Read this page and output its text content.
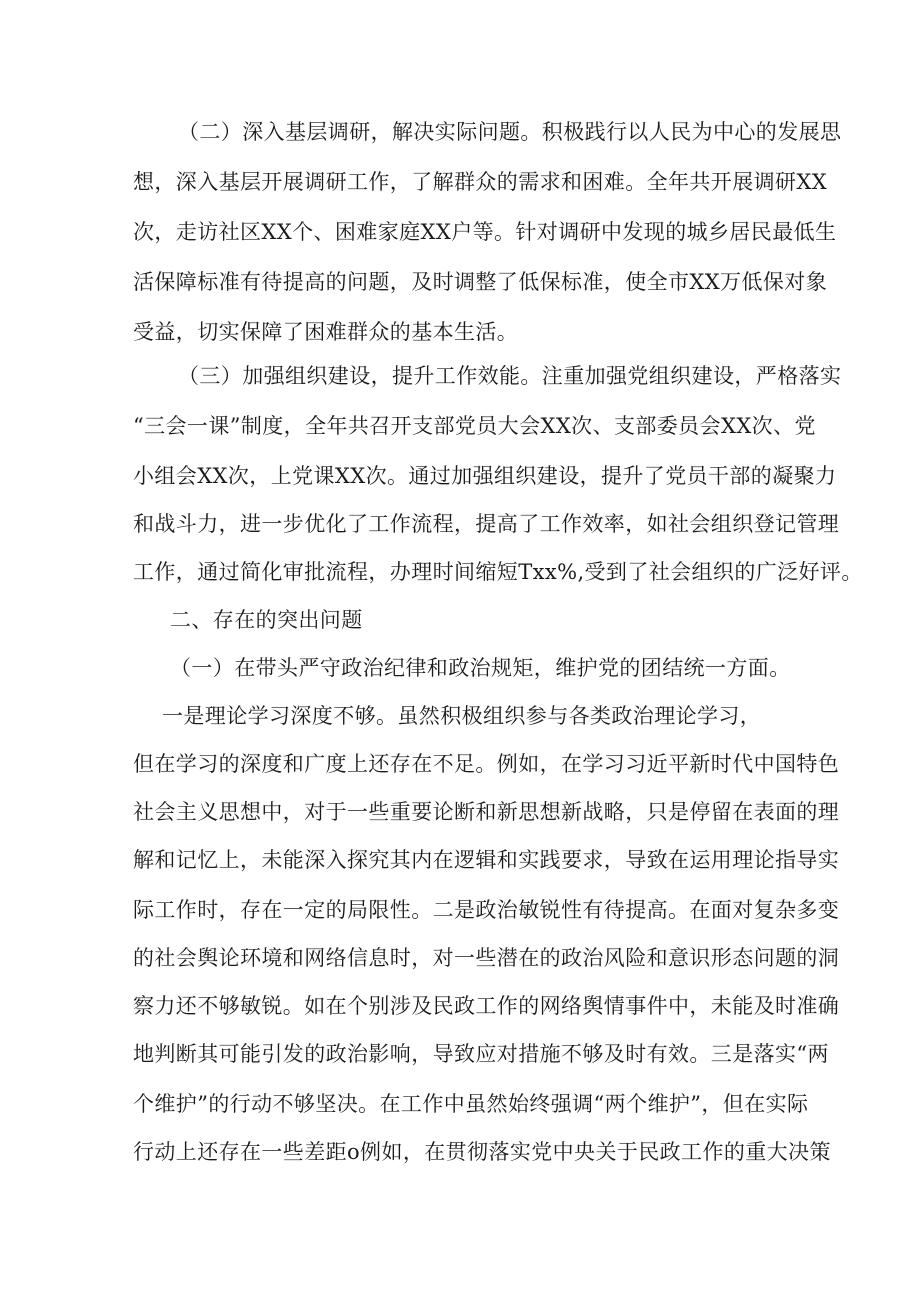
（二）深入基层调研，解决实际问题。积极践行以人民为中心的发展思
想，深入基层开展调研工作，了解群众的需求和困难。全年共开展调研XX
次，走访社区XX个、困难家庭XX户等。针对调研中发现的城乡居民最低生
活保障标准有待提高的问题，及时调整了低保标准，使全市XX万低保对象
受益，切实保障了困难群众的基本生活。
（三）加强组织建设，提升工作效能。注重加强党组织建设，严格落实
“三会一课”制度，全年共召开支部党员大会XX次、支部委员会XX次、党
小组会XX次，上党课XX次。通过加强组织建设，提升了党员干部的凝聚力
和战斗力，进一步优化了工作流程，提高了工作效率，如社会组织登记管理
工作，通过简化审批流程，办理时间缩短Txx%,受到了社会组织的广泛好评。
二、存在的突出问题
（一）在带头严守政治纪律和政治规矩，维护党的团结统一方面。
一是理论学习深度不够。虽然积极组织参与各类政治理论学习，
但在学习的深度和广度上还存在不足。例如，在学习习近平新时代中国特色
社会主义思想中，对于一些重要论断和新思想新战略，只是停留在表面的理
解和记忆上，未能深入探究其内在逻辑和实践要求，导致在运用理论指导实
际工作时，存在一定的局限性。二是政治敏锐性有待提高。在面对复杂多变
的社会舆论环境和网络信息时，对一些潜在的政治风险和意识形态问题的洞
察力还不够敏锐。如在个别涉及民政工作的网络舆情事件中，未能及时准确
地判断其可能引发的政治影响，导致应对措施不够及时有效。三是落实“两
个维护”的行动不够坚决。在工作中虽然始终强调“两个维护”，但在实际
行动上还存在一些差距o例如，在贯彻落实党中央关于民政工作的重大决策
